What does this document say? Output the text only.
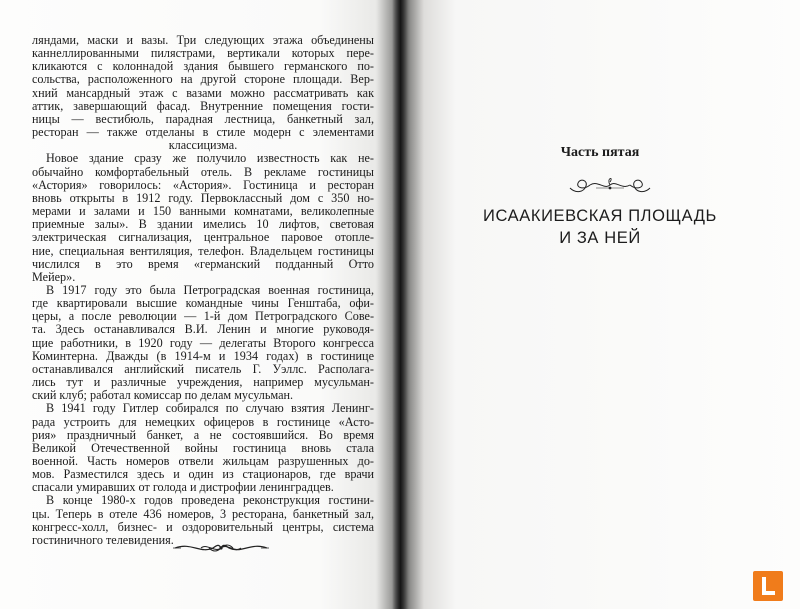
ляндами, маски и вазы. Три следующих этажа объединены
каннеллированными пилястрами, вертикали которых пере-
кликаются с колоннадой здания бывшего германского по-
сольства, расположенного на другой стороне площади. Вер-
хний мансардный этаж с вазами можно рассматривать как
аттик, завершающий фасад. Внутренние помещения гости-
ницы — вестибюль, парадная лестница, банкетный зал,
ресторан — также отделаны в стиле модерн с элементами
классицизма.
Новое здание сразу же получило известность как не-
обычайно комфортабельный отель. В рекламе гостиницы
«Астория» говорилось: «Астория». Гостиница и ресторан
вновь открыты в 1912 году. Первоклассный дом с 350 но-
мерами и залами и 150 ванными комнатами, великолепные
приемные залы». В здании имелись 10 лифтов, световая
электрическая сигнализация, центральное паровое отопле-
ние, специальная вентиляция, телефон. Владельцем гостиницы
числился в это время «германский подданный Отто
Мейер».
В 1917 году это была Петроградская военная гостиница,
где квартировали высшие командные чины Генштаба, офи-
церы, а после революции — 1-й дом Петроградского Сове-
та. Здесь останавливался В.И. Ленин и многие руководя-
щие работники, в 1920 году — делегаты Второго конгресса
Коминтерна. Дважды (в 1914-м и 1934 годах) в гостинице
останавливался английский писатель Г. Уэллс. Располага-
лись тут и различные учреждения, например мусульман-
ский клуб; работал комиссар по делам мусульман.
В 1941 году Гитлер собирался по случаю взятия Ленинг-
рада устроить для немецких офицеров в гостинице «Асто-
рия» праздничный банкет, а не состоявшийся. Во время
Великой Отечественной войны гостиница вновь стала
военной. Часть номеров отвели жильцам разрушенных до-
мов. Разместился здесь и один из стационаров, где врачи
спасали умиравших от голода и дистрофии ленинградцев.
В конце 1980-х годов проведена реконструкция гостини-
цы. Теперь в отеле 436 номеров, 3 ресторана, банкетный зал,
конгресс-холл, бизнес- и оздоровительный центры, система
гостиничного телевидения.
Часть пятая
ИСААКИЕВСКАЯ ПЛОЩАДЬ
И ЗА НЕЙ
